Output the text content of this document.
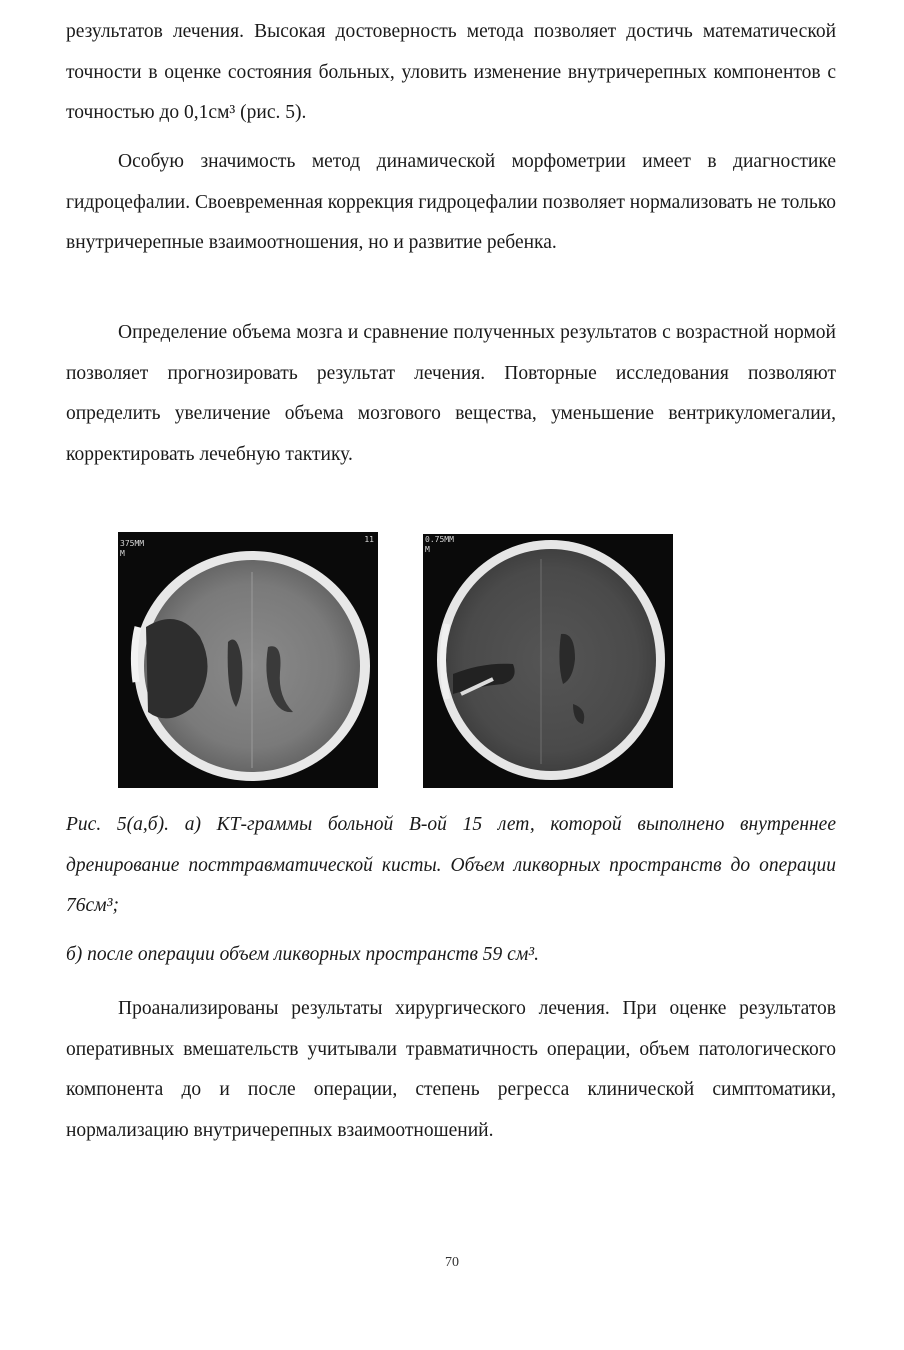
результатов лечения. Высокая достоверность метода позволяет достичь математической точности в оценке состояния больных, уловить изменение внутричерепных компонентов с точностью до 0,1см³ (рис. 5).

Особую значимость метод динамической морфометрии имеет в диагностике гидроцефалии. Своевременная коррекция гидроцефалии позволяет нормализовать не только внутричерепные взаимоотношения, но и развитие ребенка.

Определение объема мозга и сравнение полученных результатов с возрастной нормой позволяет прогнозировать результат лечения. Повторные исследования позволяют определить увеличение объема мозгового вещества, уменьшение вентрикуломегалии, корректировать лечебную тактику.

375MM
M
11	0.75MM
M

Рис. 5(а,б). а) КТ-граммы больной В-ой 15 лет, которой выполнено внутреннее дренирование посттравматической кисты. Объем ликворных пространств до операции 76см³;

б) после операции объем ликворных пространств 59 см³.

Проанализированы результаты хирургического лечения. При оценке результатов оперативных вмешательств учитывали травматичность операции, объем патологического компонента до и после операции, степень регресса клинической симптоматики, нормализацию внутричерепных взаимоотношений.

70
